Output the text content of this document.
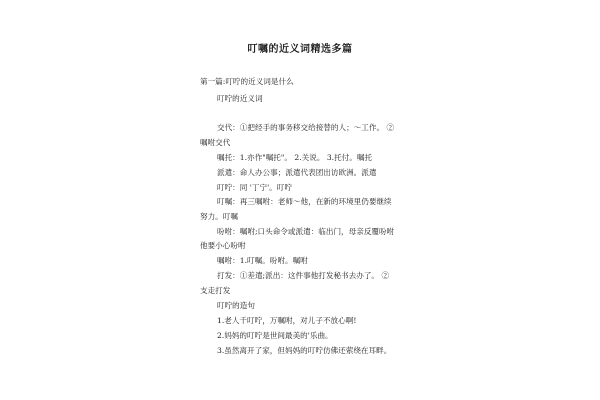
叮嘱的近义词精选多篇
第一篇:叮咛的近义词是什么
叮咛的近义词
交代：①把经手的事务移交给接替的人；～工作。 ②
嘱咐交代
嘱托：1.亦作"嘱托"。 2.关说。 3.托付。嘱托
派遣：命人办公事；派遣代表团出访欧洲。派遣
叮咛：同 '丁宁'。叮咛
叮嘱：再三嘱咐：老师～他，在新的环境里仍要继续
努力。叮嘱
吩咐：嘱咐;口头命令或派遣：临出门，母亲反覆吩咐
他要小心吩咐
嘱咐：1.叮嘱。吩咐。嘱咐
打发：①差遣;派出：这件事他打发秘书去办了。 ②
支走打发
叮咛的造句
1.老人千叮咛，万嘱咐，对儿子不放心啊!
2.妈妈的叮咛是世间最美的'乐曲。
3.虽然离开了家，但妈妈的叮咛仿佛还萦绕在耳畔。
